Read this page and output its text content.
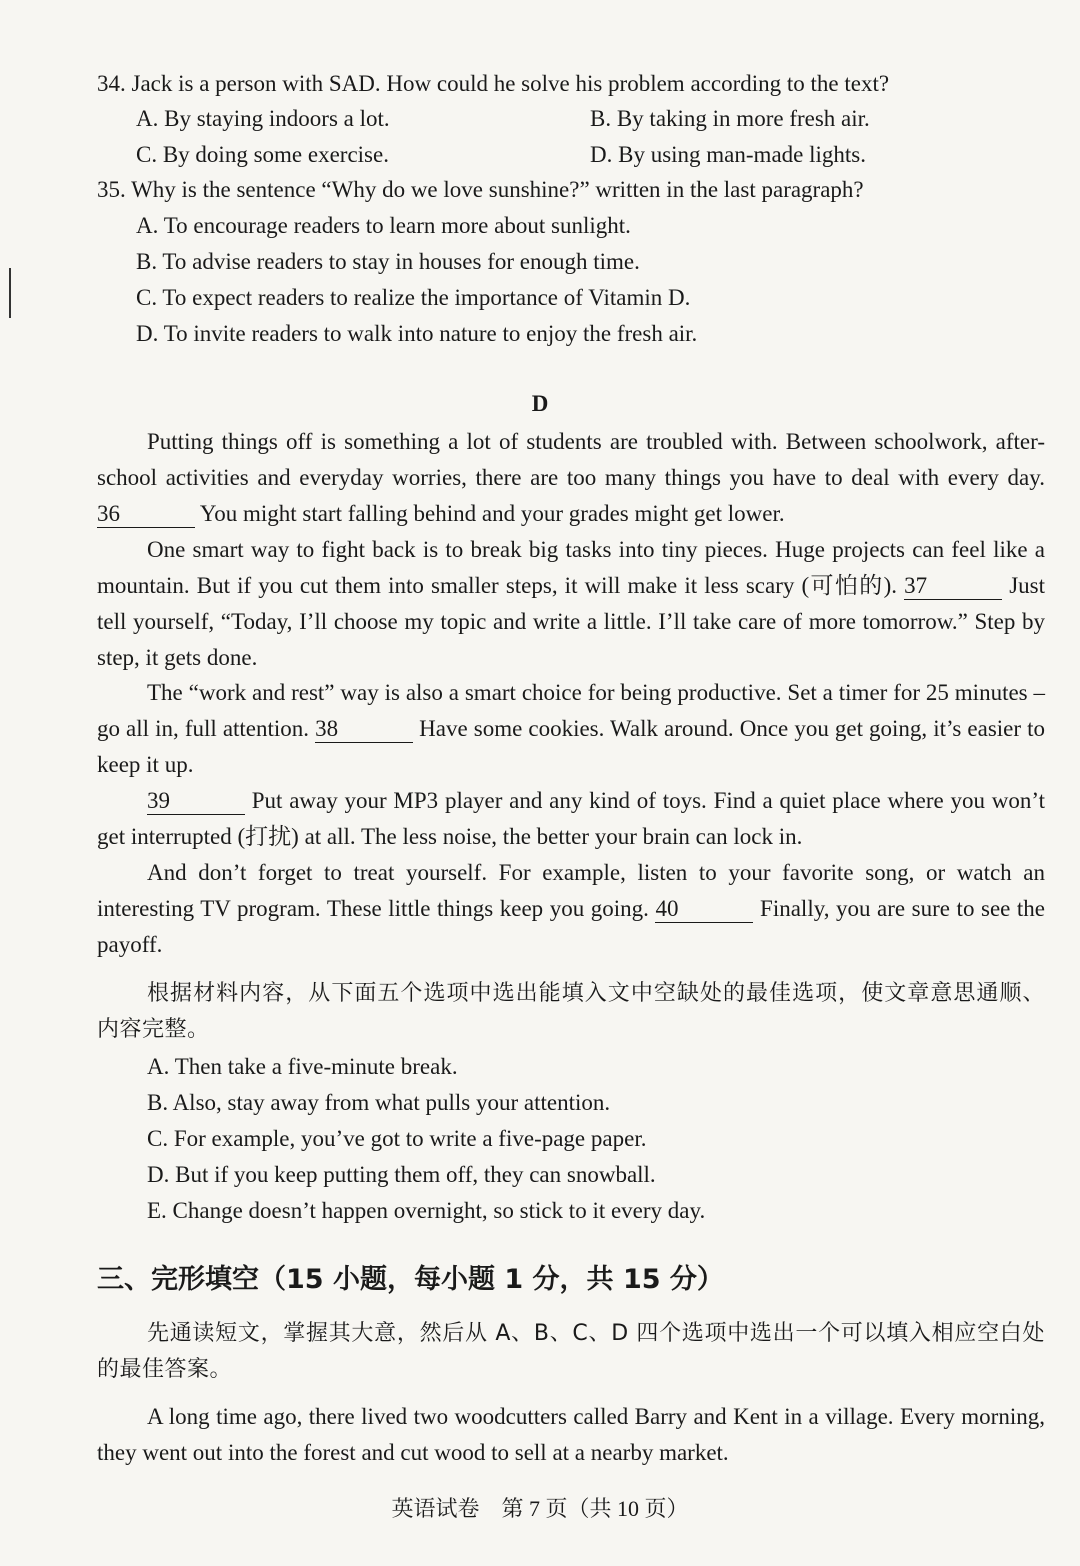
34. Jack is a person with SAD. How could he solve his problem according to the text?
A. By staying indoors a lot.	B. By taking in more fresh air.
C. By doing some exercise.	D. By using man-made lights.
35. Why is the sentence “Why do we love sunshine?” written in the last paragraph?
A. To encourage readers to learn more about sunlight.
B. To advise readers to stay in houses for enough time.
C. To expect readers to realize the importance of Vitamin D.
D. To invite readers to walk into nature to enjoy the fresh air.
D

Putting things off is something a lot of students are troubled with. Between schoolwork, after-school activities and everyday worries, there are too many things you have to deal with every day. 36	You might start falling behind and your grades might get lower.

One smart way to fight back is to break big tasks into tiny pieces. Huge projects can feel like a mountain. But if you cut them into smaller steps, it will make it less scary (可怕的). 37	Just tell yourself, “Today, I’ll choose my topic and write a little. I’ll take care of more tomorrow.” Step by step, it gets done.

The “work and rest” way is also a smart choice for being productive. Set a timer for 25 minutes – go all in, full attention. 38	Have some cookies. Walk around. Once you get going, it’s easier to keep it up.

39	Put away your MP3 player and any kind of toys. Find a quiet place where you won’t get interrupted (打扰) at all. The less noise, the better your brain can lock in.

And don’t forget to treat yourself. For example, listen to your favorite song, or watch an interesting TV program. These little things keep you going. 40	Finally, you are sure to see the payoff.

根据材料内容，从下面五个选项中选出能填入文中空缺处的最佳选项，使文章意思通顺、内容完整。

A. Then take a five-minute break.
B. Also, stay away from what pulls your attention.
C. For example, you’ve got to write a five-page paper.
D. But if you keep putting them off, they can snowball.
E. Change doesn’t happen overnight, so stick to it every day.
三、完形填空（15 小题，每小题 1 分，共 15 分）

先通读短文，掌握其大意，然后从 A、B、C、D 四个选项中选出一个可以填入相应空白处的最佳答案。

A long time ago, there lived two woodcutters called Barry and Kent in a village. Every morning, they went out into the forest and cut wood to sell at a nearby market.

英语试卷　第 7 页（共 10 页）
